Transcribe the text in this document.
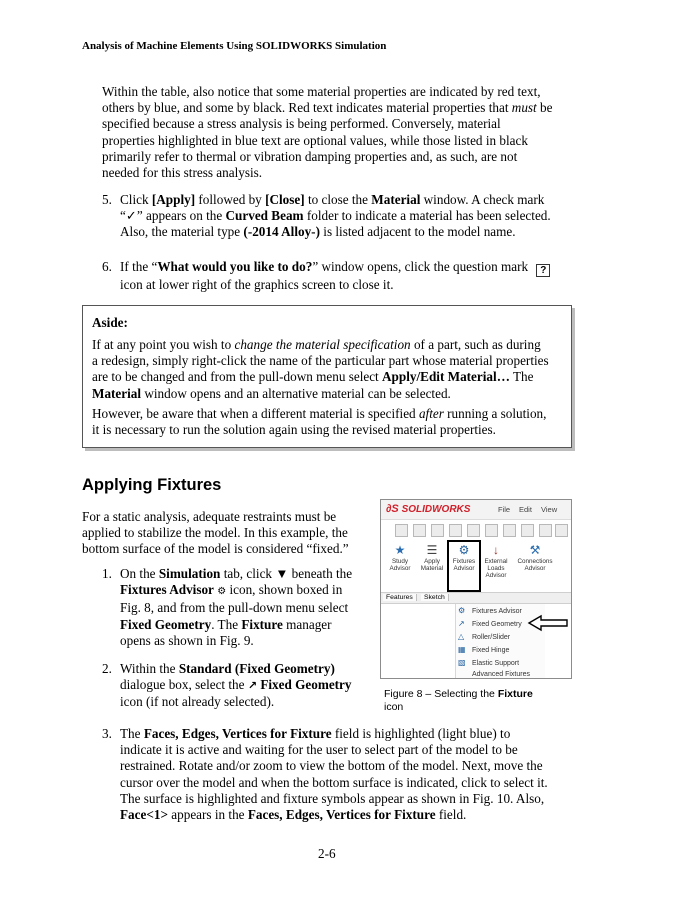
Analysis of Machine Elements Using SOLIDWORKS Simulation
Within the table, also notice that some material properties are indicated by red text,
others by blue, and some by black. Red text indicates material properties that must be
specified because a stress analysis is being performed. Conversely, material
properties highlighted in blue text are optional values, while those listed in black
primarily refer to thermal or vibration damping properties and, as such, are not
needed for this stress analysis.
5. Click [Apply] followed by [Close] to close the Material window. A check mark
“✓” appears on the Curved Beam folder to indicate a material has been selected.
Also, the material type (-2014 Alloy-) is listed adjacent to the model name.
6. If the “What would you like to do?” window opens, click the question mark ?
icon at lower right of the graphics screen to close it.
Aside:
If at any point you wish to change the material specification of a part, such as during
a redesign, simply right-click the name of the particular part whose material properties
are to be changed and from the pull-down menu select Apply/Edit Material… The
Material window opens and an alternative material can be selected.
However, be aware that when a different material is specified after running a solution,
it is necessary to run the solution again using the revised material properties.
Applying Fixtures
For a static analysis, adequate restraints must be
applied to stabilize the model. In this example, the
bottom surface of the model is considered “fixed.”
1. On the Simulation tab, click ▼ beneath the
Fixtures Advisor ⚙ icon, shown boxed in
Fig. 8, and from the pull-down menu select
Fixed Geometry. The Fixture manager
opens as shown in Fig. 9.
2. Within the Standard (Fixed Geometry)
dialogue box, select the ↗ Fixed Geometry
icon (if not already selected).
∂S SOLIDWORKS	File Edit View
★
Study Advisor
☰
Apply Material
⚙
Fixtures Advisor
↓
External Loads Advisor
⚒
Connections Advisor
Features	Sketch
⚙ Fixtures Advisor
↗ Fixed Geometry
△ Roller/Slider
▦ Fixed Hinge
▧ Elastic Support
Advanced Fixtures
Figure 8 – Selecting the Fixture
icon
3. The Faces, Edges, Vertices for Fixture field is highlighted (light blue) to
indicate it is active and waiting for the user to select part of the model to be
restrained. Rotate and/or zoom to view the bottom of the model. Next, move the
cursor over the model and when the bottom surface is indicated, click to select it.
The surface is highlighted and fixture symbols appear as shown in Fig. 10. Also,
Face<1> appears in the Faces, Edges, Vertices for Fixture field.
2-6
